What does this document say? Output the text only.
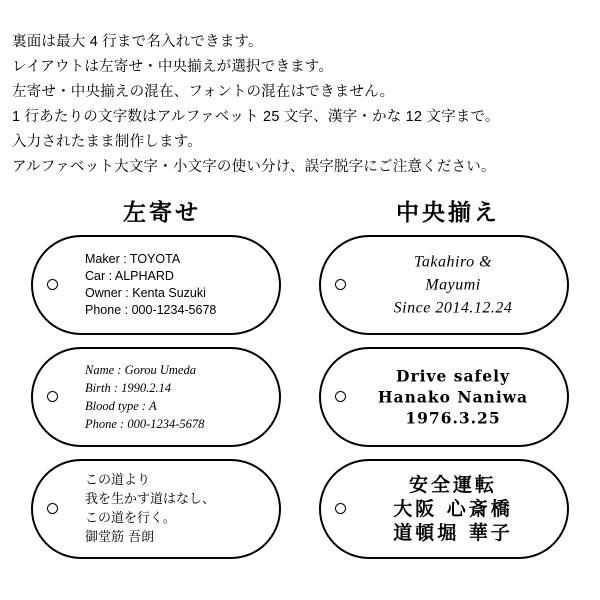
裏面は最大 4 行まで名入れできます。
レイアウトは左寄せ・中央揃えが選択できます。
左寄せ・中央揃えの混在、フォントの混在はできません。
1 行あたりの文字数はアルファベット 25 文字、漢字・かな 12 文字まで。
入力されたまま制作します。
アルファベット大文字・小文字の使い分け、誤字脱字にご注意ください。
左寄せ	中央揃え
Maker : TOYOTA
Car : ALPHARD
Owner : Kenta Suzuki
Phone : 000-1234-5678
Name : Gorou Umeda
Birth : 1990.2.14
Blood type : A
Phone : 000-1234-5678
この道より
我を生かす道はなし、
この道を行く。
御堂筋 吾朗
Takahiro &
Mayumi
Since 2014.12.24
Drive safely
Hanako Naniwa
1976.3.25
安全運転
大阪 心斎橋
道頓堀 華子
